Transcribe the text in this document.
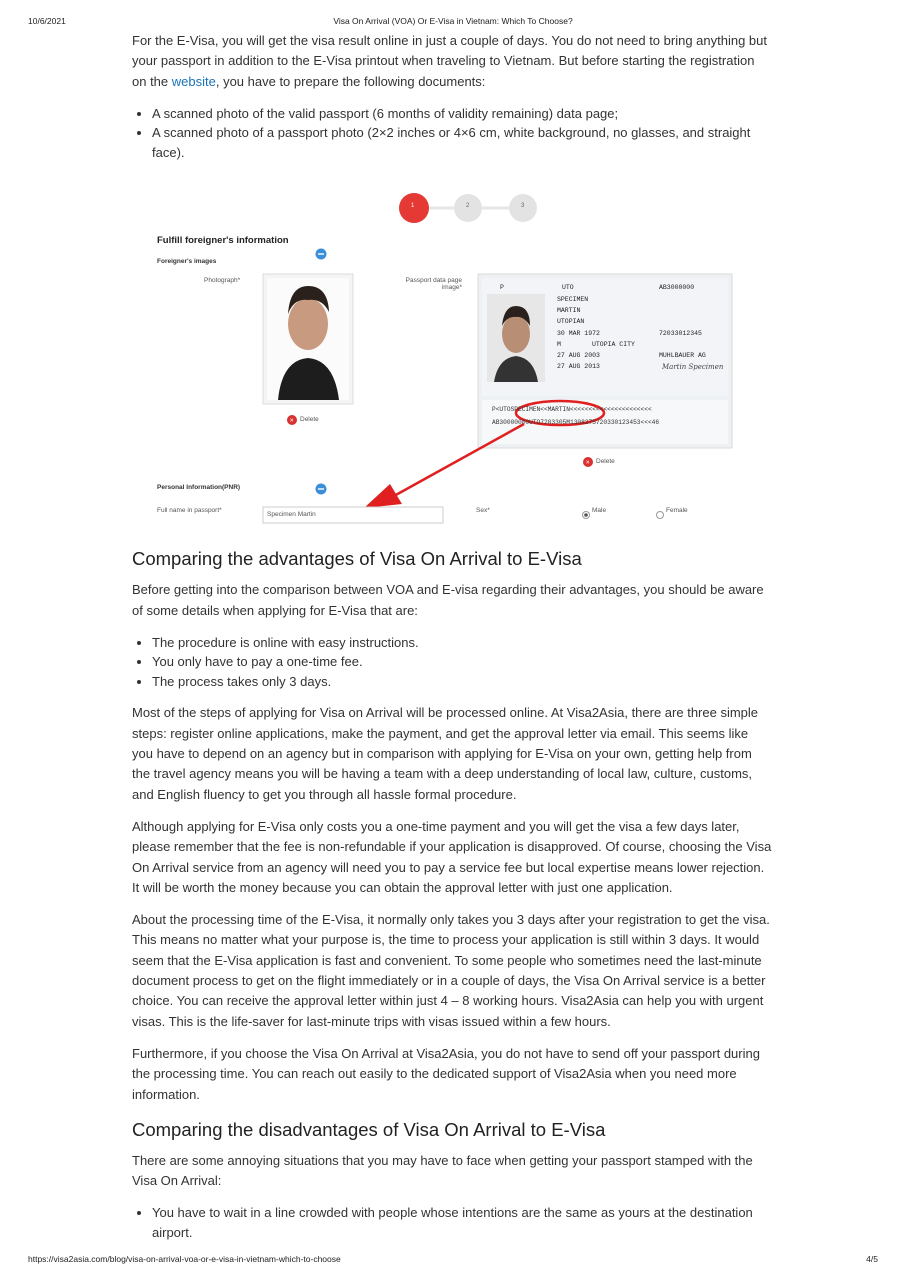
10/6/2021	Visa On Arrival (VOA) Or E-Visa in Vietnam: Which To Choose?

For the E-Visa, you will get the visa result online in just a couple of days. You do not need to bring anything but your passport in addition to the E-Visa printout when traveling to Vietnam. But before starting the registration on the website, you have to prepare the following documents:

• A scanned photo of the valid passport (6 months of validity remaining) data page;
• A scanned photo of a passport photo (2×2 inches or 4×6 cm, white background, no glasses, and straight face).
×
×
1	2	3
Fulfill foreigner's information
Foreigner's images
Photograph*	Passport data page
image*
Delete
Delete
P	UTO	AB3000000
SPECIMEN
MARTIN
UTOPIAN
30 MAR 1972	72033012345
M	UTOPIA CITY
27 AUG 2003	MUHLBAUER AG
27 AUG 2013	Martin Specimen
P<UTOSPECIMEN<<MARTIN<<<<<<<<<<<<<<<<<<<<<<
AB30000000UTO7203305M1308275720330123453<<<46
Personal Information(PNR)
Full name in passport*
Specimen Martin
Sex*	Male	Female
Comparing the advantages of Visa On Arrival to E-Visa

Before getting into the comparison between VOA and E-visa regarding their advantages, you should be aware of some details when applying for E-Visa that are:

• The procedure is online with easy instructions.
• You only have to pay a one-time fee.
• The process takes only 3 days.

Most of the steps of applying for Visa on Arrival will be processed online. At Visa2Asia, there are three simple steps: register online applications, make the payment, and get the approval letter via email. This seems like you have to depend on an agency but in comparison with applying for E-Visa on your own, getting help from the travel agency means you will be having a team with a deep understanding of local law, culture, customs, and English fluency to get you through all hassle formal procedure.

Although applying for E-Visa only costs you a one-time payment and you will get the visa a few days later, please remember that the fee is non-refundable if your application is disapproved. Of course, choosing the Visa On Arrival service from an agency will need you to pay a service fee but local expertise means lower rejection. It will be worth the money because you can obtain the approval letter with just one application.

About the processing time of the E-Visa, it normally only takes you 3 days after your registration to get the visa. This means no matter what your purpose is, the time to process your application is still within 3 days. It would seem that the E-Visa application is fast and convenient. To some people who sometimes need the last-minute document process to get on the flight immediately or in a couple of days, the Visa On Arrival service is a better choice. You can receive the approval letter within just 4 – 8 working hours. Visa2Asia can help you with urgent visas. This is the life-saver for last-minute trips with visas issued within a few hours.

Furthermore, if you choose the Visa On Arrival at Visa2Asia, you do not have to send off your passport during the processing time. You can reach out easily to the dedicated support of Visa2Asia when you need more information.

Comparing the disadvantages of Visa On Arrival to E-Visa

There are some annoying situations that you may have to face when getting your passport stamped with the Visa On Arrival:

• You have to wait in a line crowded with people whose intentions are the same as yours at the destination airport.
https://visa2asia.com/blog/visa-on-arrival-voa-or-e-visa-in-vietnam-which-to-choose	4/5
